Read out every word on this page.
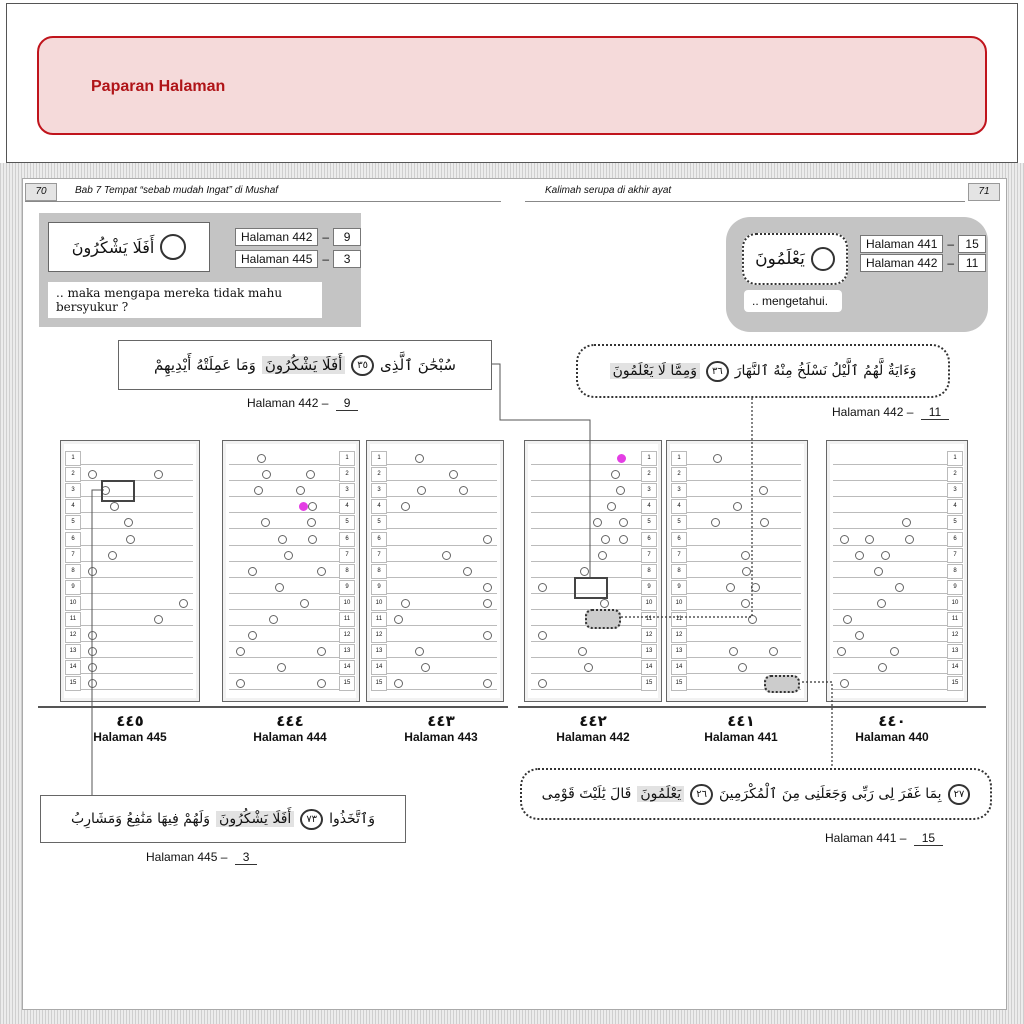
Paparan Halaman
70	Bab 7 Tempat “sebab mudah Ingat” di Mushaf	Kalimah serupa di akhir ayat	71
أَفَلَا يَشْكُرُونَ
Halaman 442 –	9
Halaman 445 –	3
.. maka mengapa mereka tidak mahu bersyukur ?
يَعْلَمُونَ
Halaman 441 – 15
Halaman 442 – 11
.. mengetahui.
وَمَا عَمِلَتْهُ أَيْدِيهِمْ أَفَلَا يَشْكُرُونَ	٣٥ سُبْحَٰنَ ٱلَّذِى
Halaman 442 – 9
وَمِمَّا لَا يَعْلَمُونَ	٣٦ وَءَايَةٌ لَّهُمُ ٱلَّيْلُ نَسْلَخُ مِنْهُ ٱلنَّهَارَ
Halaman 442 – 11
1
2
3
4
5
6
7
8
9
10
11
12
13
14
15
1
2
3
4
5
6
7
8
9
10
11
12
13
14
15
1
2
3
4
5
6
7
8
9
10
11
12
13
14
15
1
2
3
4
5
6
7
8
9
10
11
12
13
14
15
1
2
3
4
5
6
7
8
9
10
11
12
13
14
15
1
2
3
4
5
6
7
8
9
10
11
12
13
14
15
٤٤٥
Halaman 445
٤٤٤
Halaman 444
٤٤٣
Halaman 443
٤٤٢
Halaman 442
٤٤١
Halaman 441
٤٤٠
Halaman 440
وَلَهُمْ فِيهَا مَنَٰفِعُ وَمَشَارِبُ أَفَلَا يَشْكُرُونَ	٧٣ وَٱتَّخَذُوا
Halaman 445 – 3
قَالَ يَٰلَيْتَ قَوْمِى يَعْلَمُونَ	٢٦ بِمَا غَفَرَ لِى رَبِّى وَجَعَلَنِى مِنَ ٱلْمُكْرَمِينَ	٢٧
Halaman 441 – 15
